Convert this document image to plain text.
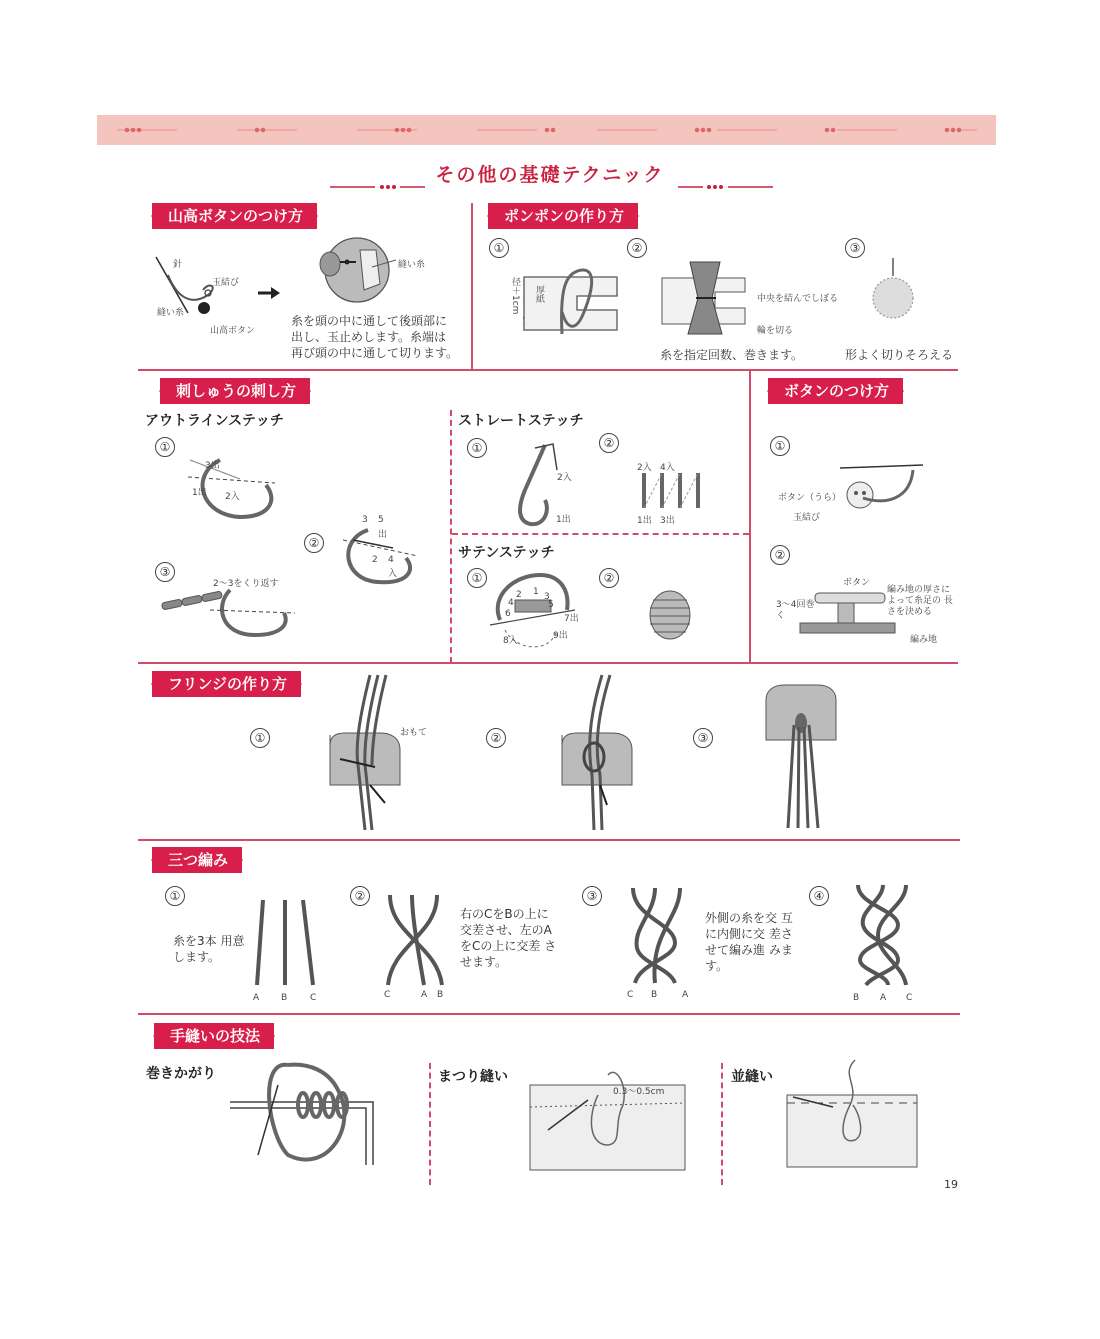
その他の基礎テクニック
山高ボタンのつけ方	ポンポンの作り方
針
玉結び
縫い糸
山高ボタン
縫い糸
糸を頭の中に通して後頭部に
出し、玉止めします。糸端は
再び頭の中に通して切ります。
①	②	③
径＋1cm
厚紙	中央を結んでしぼる
輪を切る
糸を指定回数、巻きます。	形よく切りそろえる
刺しゅうの刺し方	ボタンのつけ方
アウトラインステッチ
①
3出
1出 2入
②
3 5
出
2 4
入
③
2～3をくり返す
ストレートステッチ
①
2入
1出
②
2入 4入
1出 3出
サテンステッチ
①
2 1 3
4	5
6	7出
8入	9出
②
①
ボタン（うら）
玉結び
②
ボタン
3～4回巻く
編み地の厚さに よって糸足の 長さを決める
編み地
フリンジの作り方
①	おもて	②	③
三つ編み
①
糸を3本 用意します。
A B	C
②
C	A B
右のCをBの上に 交差させ、左のA をCの上に交差 させます。
③
C B	A
外側の糸を交 互に内側に交 差させて編み進 みます。
④
B A C
手縫いの技法
巻きかがり	まつり縫い
0.3～0.5cm
並縫い
19
